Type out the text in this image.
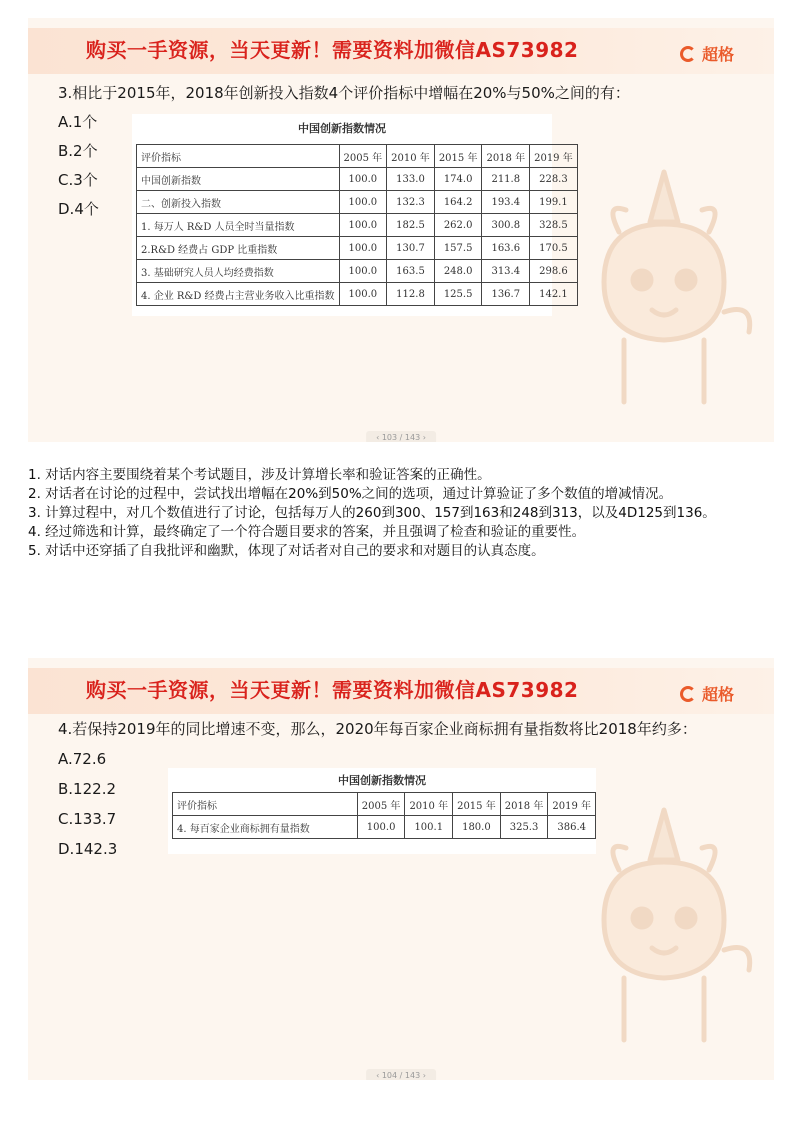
购买一手资源，当天更新！需要资料加微信AS73982	超格
3.相比于2015年，2018年创新投入指数4个评价指标中增幅在20%与50%之间的有：
A.1个
B.2个
C.3个
D.4个
中国创新指数情况
评价指标	2005 年	2010 年	2015 年	2018 年	2019 年
中国创新指数	100.0	133.0	174.0	211.8	228.3
二、创新投入指数	100.0	132.3	164.2	193.4	199.1
1. 每万人 R&D 人员全时当量指数	100.0	182.5	262.0	300.8	328.5
2.R&D 经费占 GDP 比重指数	100.0	130.7	157.5	163.6	170.5
3. 基础研究人员人均经费指数	100.0	163.5	248.0	313.4	298.6
4. 企业 R&D 经费占主营业务收入比重指数	100.0	112.8	125.5	136.7	142.1
‹ 103 / 143 ›

1. 对话内容主要围绕着某个考试题目，涉及计算增长率和验证答案的正确性。

2. 对话者在讨论的过程中，尝试找出增幅在20%到50%之间的选项，通过计算验证了多个数值的增减情况。

3. 计算过程中，对几个数值进行了讨论，包括每万人的260到300、157到163和248到313，以及4D125到136。

4. 经过筛选和计算，最终确定了一个符合题目要求的答案，并且强调了检查和验证的重要性。

5. 对话中还穿插了自我批评和幽默，体现了对话者对自己的要求和对题目的认真态度。

购买一手资源，当天更新！需要资料加微信AS73982	超格
4.若保持2019年的同比增速不变，那么，2020年每百家企业商标拥有量指数将比2018年约多：
A.72.6
B.122.2
C.133.7
D.142.3
中国创新指数情况
评价指标	2005 年	2010 年	2015 年	2018 年	2019 年
4. 每百家企业商标拥有量指数	100.0	100.1	180.0	325.3	386.4
‹ 104 / 143 ›
